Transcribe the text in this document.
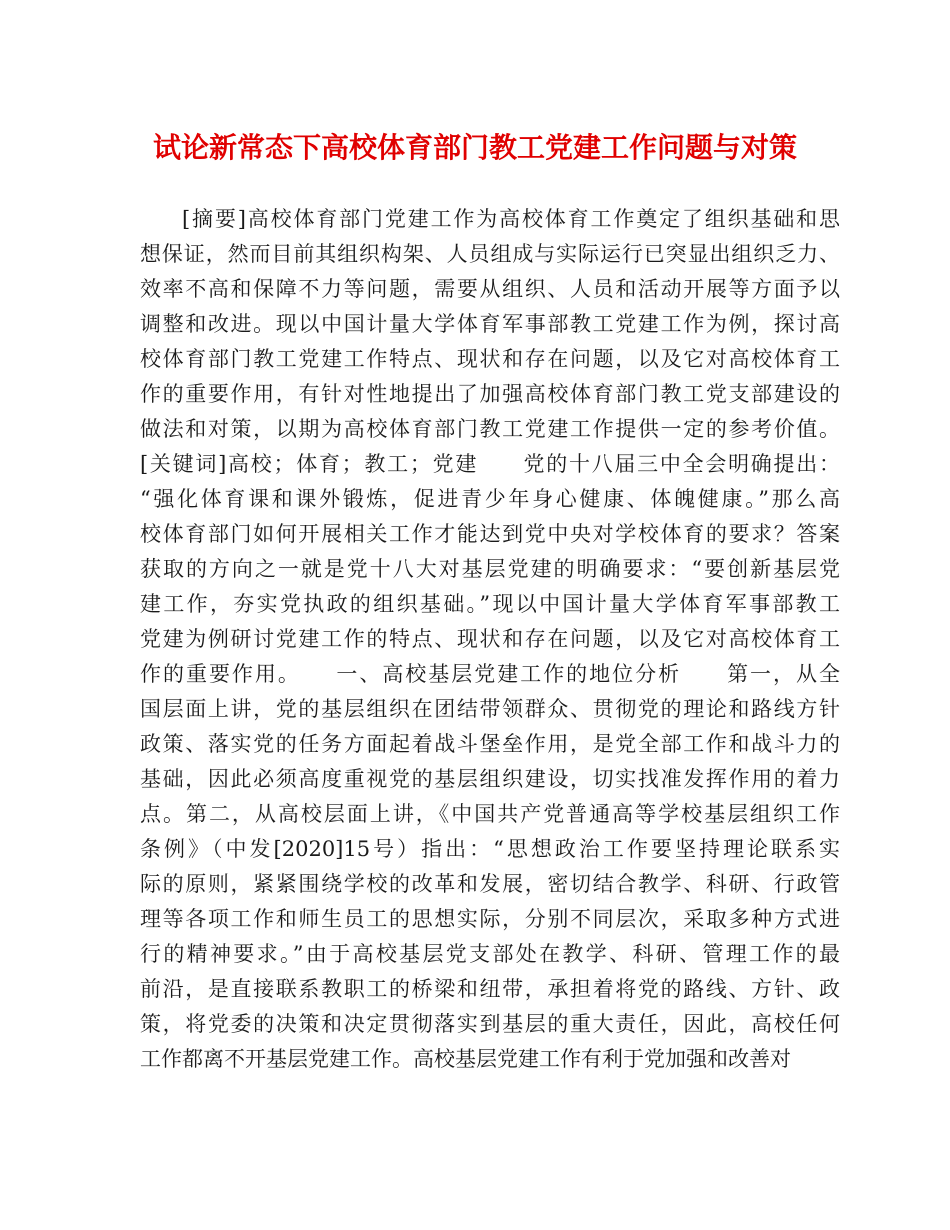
试论新常态下高校体育部门教工党建工作问题与对策
[摘要]高校体育部门党建工作为高校体育工作奠定了组织基础和思
想保证，然而目前其组织构架、人员组成与实际运行已突显出组织乏力、
效率不高和保障不力等问题，需要从组织、人员和活动开展等方面予以
调整和改进。现以中国计量大学体育军事部教工党建工作为例，探讨高
校体育部门教工党建工作特点、现状和存在问题，以及它对高校体育工
作的重要作用，有针对性地提出了加强高校体育部门教工党支部建设的
做法和对策，以期为高校体育部门教工党建工作提供一定的参考价值。
[关键词]高校；体育；教工；党建　　党的十八届三中全会明确提出：
“强化体育课和课外锻炼，促进青少年身心健康、体魄健康。”那么高
校体育部门如何开展相关工作才能达到党中央对学校体育的要求？答案
获取的方向之一就是党十八大对基层党建的明确要求：“要创新基层党
建工作，夯实党执政的组织基础。”现以中国计量大学体育军事部教工
党建为例研讨党建工作的特点、现状和存在问题，以及它对高校体育工
作的重要作用。　　一、高校基层党建工作的地位分析　　第一，从全
国层面上讲，党的基层组织在团结带领群众、贯彻党的理论和路线方针
政策、落实党的任务方面起着战斗堡垒作用，是党全部工作和战斗力的
基础，因此必须高度重视党的基层组织建设，切实找准发挥作用的着力
点。第二，从高校层面上讲，《中国共产党普通高等学校基层组织工作
条例》（中发[2020]15号）指出：“思想政治工作要坚持理论联系实
际的原则，紧紧围绕学校的改革和发展，密切结合教学、科研、行政管
理等各项工作和师生员工的思想实际，分别不同层次，采取多种方式进
行的精神要求。”由于高校基层党支部处在教学、科研、管理工作的最
前沿，是直接联系教职工的桥梁和纽带，承担着将党的路线、方针、政
策，将党委的决策和决定贯彻落实到基层的重大责任，因此，高校任何
工作都离不开基层党建工作。高校基层党建工作有利于党加强和改善对
